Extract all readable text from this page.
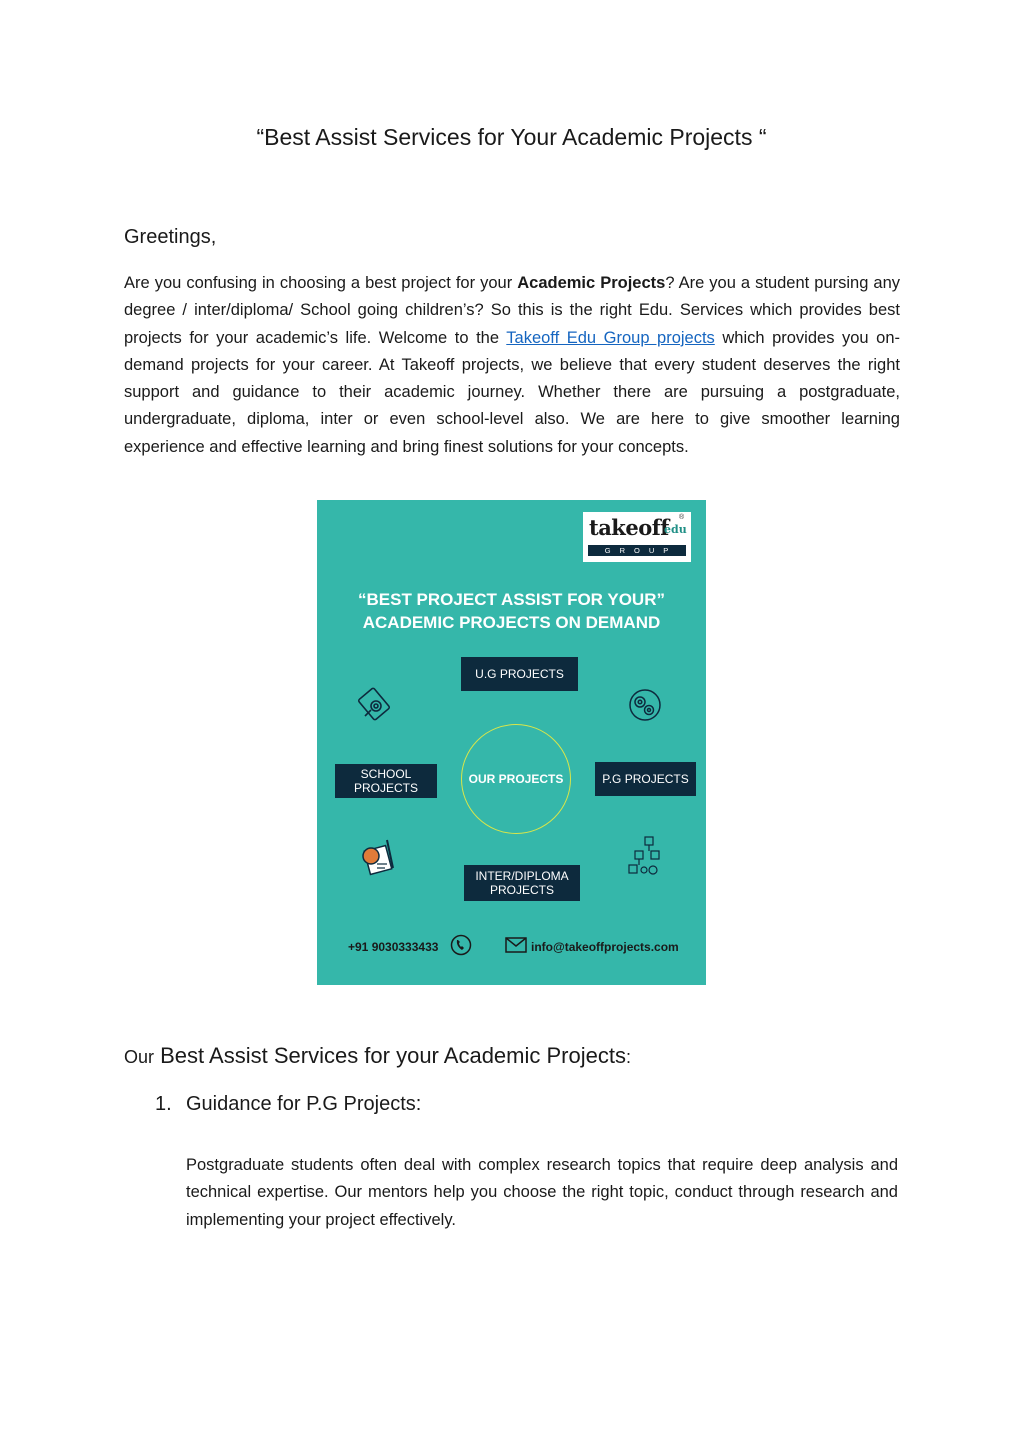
“Best Assist Services for Your Academic Projects “
Greetings,
Are you confusing in choosing a best project for your Academic Projects? Are you a student pursing any degree / inter/diploma/ School going children’s? So this is the right Edu. Services which provides best projects for your academic’s life. Welcome to the Takeoff Edu Group projects which provides you on-demand projects for your career. At Takeoff projects, we believe that every student deserves the right support and guidance to their academic journey. Whether there are pursuing a postgraduate, undergraduate, diploma, inter or even school-level also. We are here to give smoother learning experience and effective learning and bring finest solutions for your concepts.
takeoff
edu
®
GROUP
“BEST PROJECT ASSIST FOR YOUR”
ACADEMIC PROJECTS ON DEMAND
U.G PROJECTS
SCHOOL
PROJECTS
P.G PROJECTS
INTER/DIPLOMA
PROJECTS
OUR PROJECTS
+91 9030333433	info@takeoffprojects.com
Our Best Assist Services for your Academic Projects:
1. Guidance for P.G Projects:
Postgraduate students often deal with complex research topics that require deep analysis and technical expertise. Our mentors help you choose the right topic, conduct through research and implementing your project effectively.
